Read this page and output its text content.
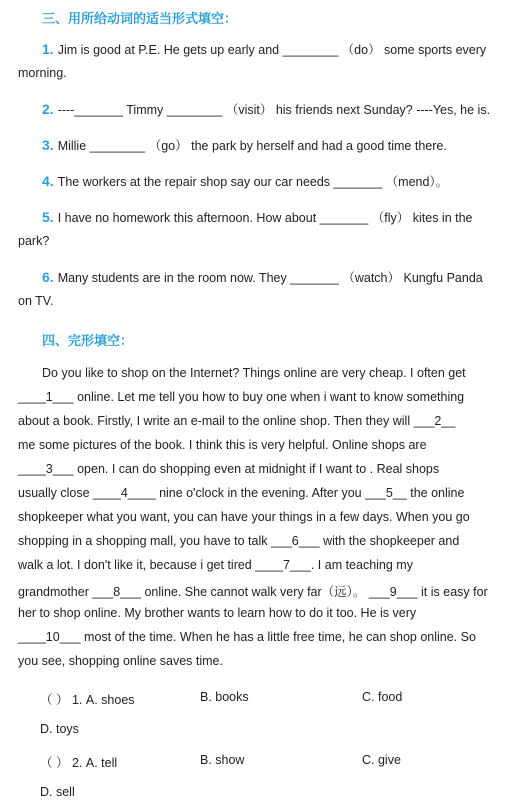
三、用所给动词的适当形式填空：
1. Jim is good at P.E. He gets up early and ________ （do） some sports every
morning.
2. ----_______ Timmy ________ （visit） his friends next Sunday? ----Yes, he is.
3. Millie ________ （go） the park by herself and had a good time there.
4. The workers at the repair shop say our car needs _______ （mend）。
5. I have no homework this afternoon. How about _______ （fly） kites in the
park?
6. Many students are in the room now. They _______ （watch） Kungfu Panda
on TV.
四、完形填空：
Do you like to shop on the Internet? Things online are very cheap. I often get
____1___ online. Let me tell you how to buy one when i want to know something
about a book. Firstly, I write an e-mail to the online shop. Then they will ___2__
me some pictures of the book. I think this is very helpful. Online shops are
____3___ open. I can do shopping even at midnight if I want to . Real shops
usually close ____4____ nine o'clock in the evening. After you ___5__ the online
shopkeeper what you want, you can have your things in a few days. When you go
shopping in a shopping mall, you have to talk ___6___ with the shopkeeper and
walk a lot. I don't like it, because i get tired ____7___. I am teaching my
grandmother ___8___ online. She cannot walk very far（远）。 ___9___ it is easy for
her to shop online. My brother wants to learn how to do it too. He is very
____10___ most of the time. When he has a little free time, he can shop online. So
you see, shopping online saves time.
（ ） 1. A. shoes	B. books	C. food
D. toys
（ ） 2. A. tell	B. show	C. give
D. sell
